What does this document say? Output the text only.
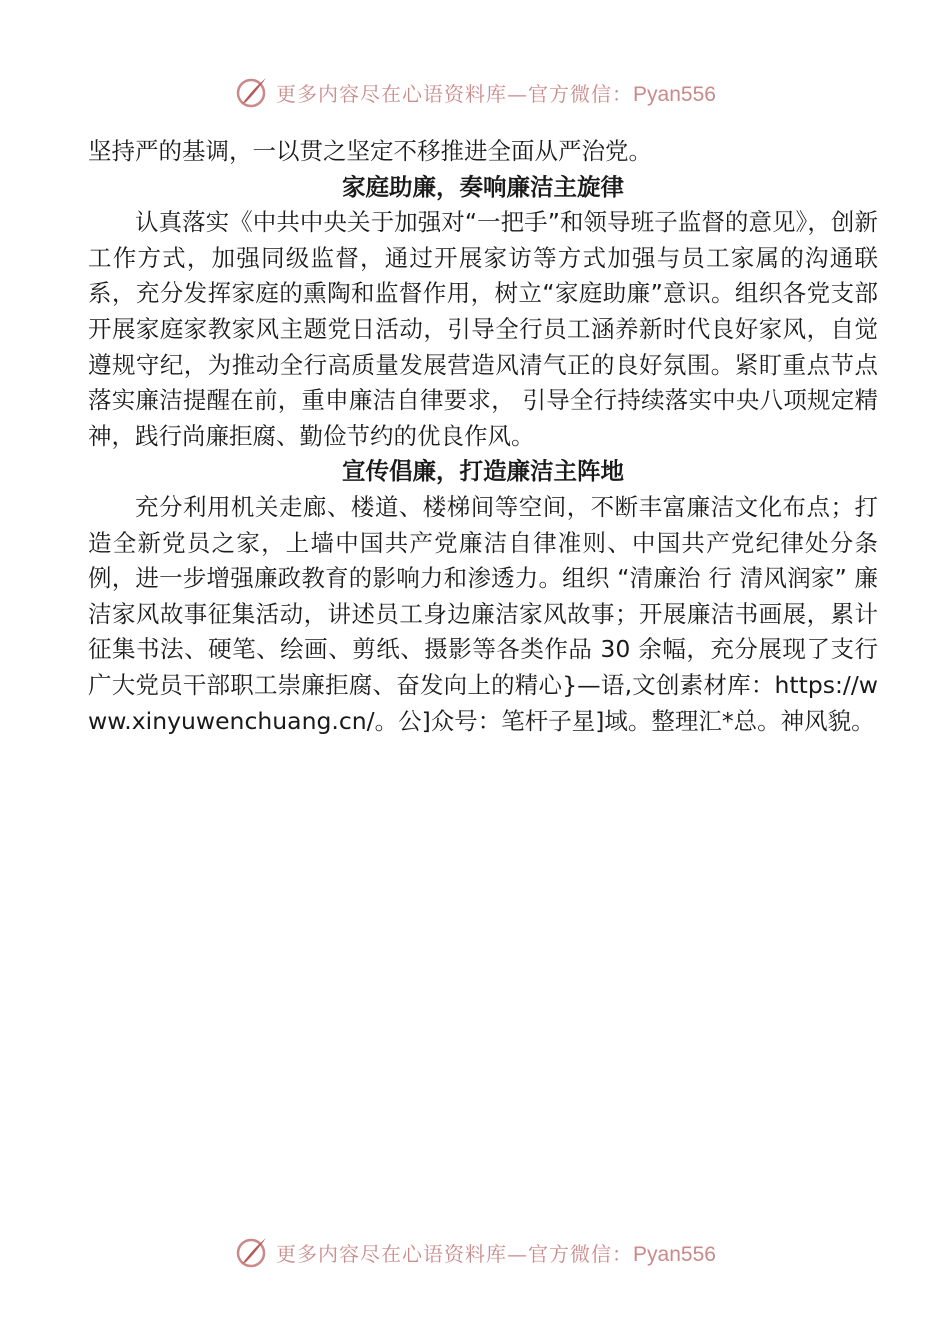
更多内容尽在心语资料库—官方微信：Pyan556

坚持严的基调，一以贯之坚定不移推进全面从严治党。

家庭助廉，奏响廉洁主旋律

认真落实《中共中央关于加强对“一把手”和领导班子监督的意见》，创新工作方式，加强同级监督，通过开展家访等方式加强与员工家属的沟通联系，充分发挥家庭的熏陶和监督作用，树立“家庭助廉”意识。组织各党支部开展家庭家教家风主题党日活动，引导全行员工涵养新时代良好家风，自觉遵规守纪，为推动全行高质量发展营造风清气正的良好氛围。紧盯重点节点落实廉洁提醒在前，重申廉洁自律要求， 引导全行持续落实中央八项规定精神，践行尚廉拒腐、勤俭节约的优良作风。

宣传倡廉，打造廉洁主阵地

充分利用机关走廊、楼道、楼梯间等空间，不断丰富廉洁文化布点；打造全新党员之家，上墙中国共产党廉洁自律准则、中国共产党纪律处分条例，进一步增强廉政教育的影响力和渗透力。组织 “清廉治 行 清风润家” 廉洁家风故事征集活动，讲述员工身边廉洁家风故事；开展廉洁书画展，累计征集书法、硬笔、绘画、剪纸、摄影等各类作品 30 余幅，充分展现了支行广大党员干部职工崇廉拒腐、奋发向上的精心}—语,文创素材库：https://www.xinyuwenchuang.cn/。公]众号：笔杆子星]域。整理汇*总。神风貌。

更多内容尽在心语资料库—官方微信：Pyan556
